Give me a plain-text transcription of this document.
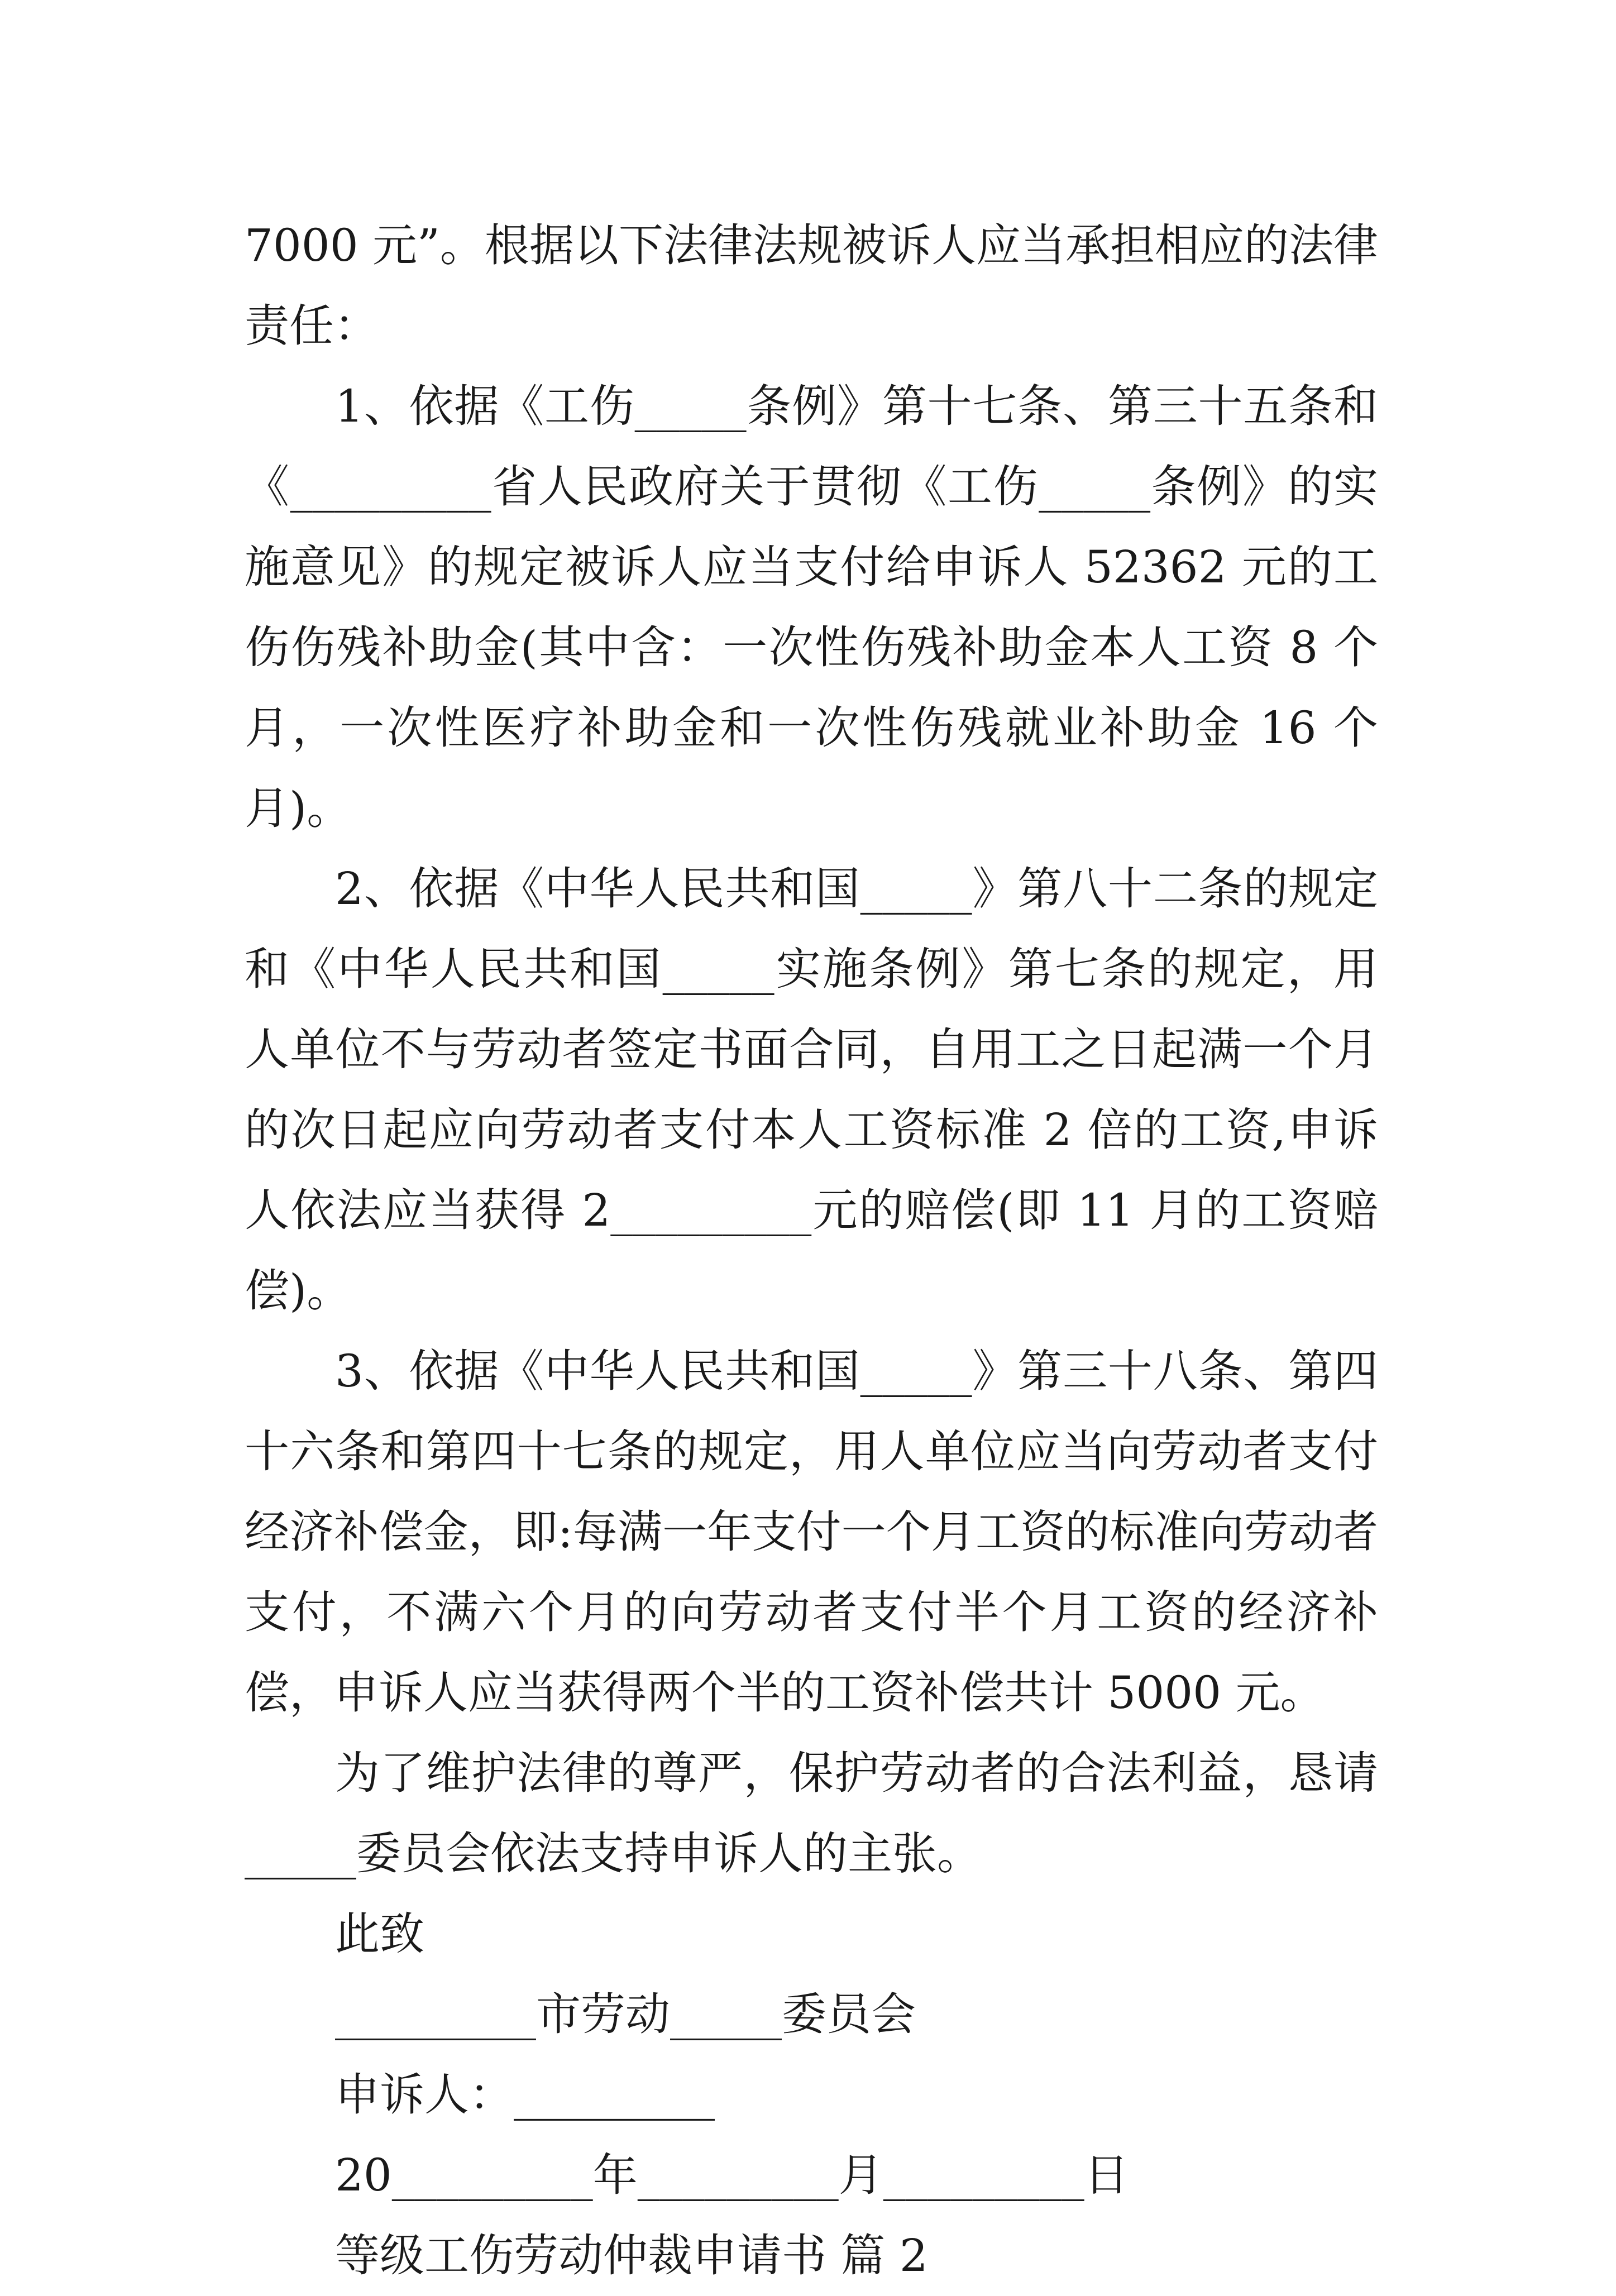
7000 元”。根据以下法律法规被诉人应当承担相应的法律责任：

1、依据《工伤_____条例》第十七条、第三十五条和《_________省人民政府关于贯彻《工伤_____条例》的实施意见》的规定被诉人应当支付给申诉人 52362 元的工伤伤残补助金(其中含：一次性伤残补助金本人工资 8 个月，一次性医疗补助金和一次性伤残就业补助金 16 个月)。

2、依据《中华人民共和国_____》第八十二条的规定和《中华人民共和国_____实施条例》第七条的规定，用人单位不与劳动者签定书面合同，自用工之日起满一个月的次日起应向劳动者支付本人工资标准 2 倍的工资,申诉人依法应当获得 2_________元的赔偿(即 11 月的工资赔偿)。

3、依据《中华人民共和国_____》第三十八条、第四十六条和第四十七条的规定，用人单位应当向劳动者支付经济补偿金，即:每满一年支付一个月工资的标准向劳动者支付，不满六个月的向劳动者支付半个月工资的经济补偿，申诉人应当获得两个半的工资补偿共计 5000 元。

为了维护法律的尊严，保护劳动者的合法利益，恳请_____委员会依法支持申诉人的主张。

此致

_________市劳动_____委员会

申诉人：_________

20_________年_________月_________日

等级工伤劳动仲裁申请书 篇 2
